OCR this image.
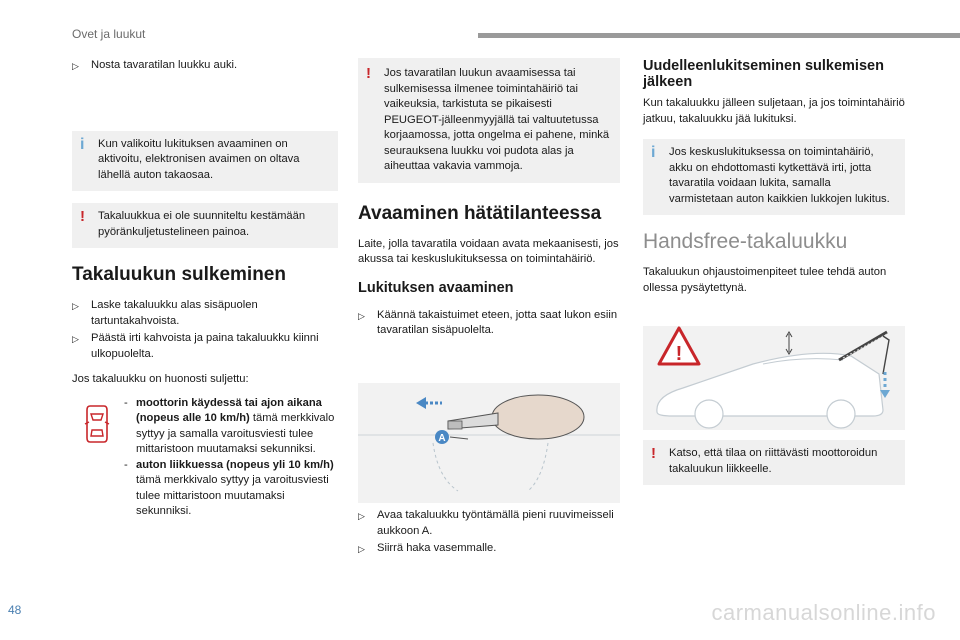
Ovet ja luukut
▷	Nosta tavaratilan luukku auki.
i	Kun valikoitu lukituksen avaaminen on aktivoitu, elektronisen avaimen on oltava lähellä auton takaosaa.
!	Takaluukkua ei ole suunniteltu kestämään pyöränkuljetustelineen painoa.
Takaluukun sulkeminen
▷	Laske takaluukku alas sisäpuolen tartuntakahvoista.
▷	Päästä irti kahvoista ja paina takaluukku kiinni ulkopuolelta.

Jos takaluukku on huonosti suljettu:

- moottorin käydessä tai ajon aikana (nopeus alle 10 km/h) tämä merkkivalo syttyy ja samalla varoitusviesti tulee mittaristoon muutamaksi sekunniksi.
- auton liikkuessa (nopeus yli 10 km/h) tämä merkkivalo syttyy ja varoitusviesti tulee mittaristoon muutamaksi sekunniksi.
!	Jos tavaratilan luukun avaamisessa tai sulkemisessa ilmenee toimintahäiriö tai vaikeuksia, tarkistuta se pikaisesti PEUGEOT-jälleenmyyjällä tai valtuutetussa korjaamossa, jotta ongelma ei pahene, minkä seurauksena luukku voi pudota alas ja aiheuttaa vakavia vammoja.
Avaaminen hätätilanteessa

Laite, jolla tavaratila voidaan avata mekaanisesti, jos akussa tai keskuslukituksessa on toimintahäiriö.

Lukituksen avaaminen
▷	Käännä takaistuimet eteen, jotta saat lukon esiin tavaratilan sisäpuolelta.
A
▷	Avaa takaluukku työntämällä pieni ruuvimeisseli aukkoon A.
▷	Siirrä haka vasemmalle.
Uudelleenlukitseminen sulkemisen jälkeen

Kun takaluukku jälleen suljetaan, ja jos toimintahäiriö jatkuu, takaluukku jää lukituksi.

i	Jos keskuslukituksessa on toimintahäiriö, akku on ehdottomasti kytkettävä irti, jotta tavaratila voidaan lukita, samalla varmistetaan auton kaikkien lukkojen lukitus.
Handsfree-takaluukku

Takaluukun ohjaustoimenpiteet tulee tehdä auton ollessa pysäytettynä.

!
!	Katso, että tilaa on riittävästi moottoroidun takaluukun liikkeelle.
48	carmanualsonline.info
